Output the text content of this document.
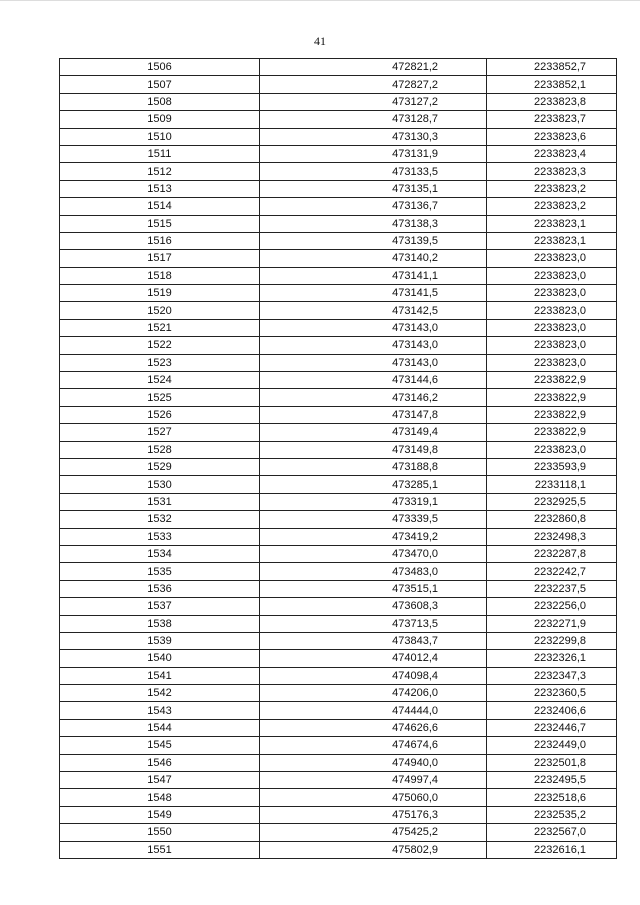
41
1506	472821,2	2233852,7
1507	472827,2	2233852,1
1508	473127,2	2233823,8
1509	473128,7	2233823,7
1510	473130,3	2233823,6
1511	473131,9	2233823,4
1512	473133,5	2233823,3
1513	473135,1	2233823,2
1514	473136,7	2233823,2
1515	473138,3	2233823,1
1516	473139,5	2233823,1
1517	473140,2	2233823,0
1518	473141,1	2233823,0
1519	473141,5	2233823,0
1520	473142,5	2233823,0
1521	473143,0	2233823,0
1522	473143,0	2233823,0
1523	473143,0	2233823,0
1524	473144,6	2233822,9
1525	473146,2	2233822,9
1526	473147,8	2233822,9
1527	473149,4	2233822,9
1528	473149,8	2233823,0
1529	473188,8	2233593,9
1530	473285,1	2233118,1
1531	473319,1	2232925,5
1532	473339,5	2232860,8
1533	473419,2	2232498,3
1534	473470,0	2232287,8
1535	473483,0	2232242,7
1536	473515,1	2232237,5
1537	473608,3	2232256,0
1538	473713,5	2232271,9
1539	473843,7	2232299,8
1540	474012,4	2232326,1
1541	474098,4	2232347,3
1542	474206,0	2232360,5
1543	474444,0	2232406,6
1544	474626,6	2232446,7
1545	474674,6	2232449,0
1546	474940,0	2232501,8
1547	474997,4	2232495,5
1548	475060,0	2232518,6
1549	475176,3	2232535,2
1550	475425,2	2232567,0
1551	475802,9	2232616,1
